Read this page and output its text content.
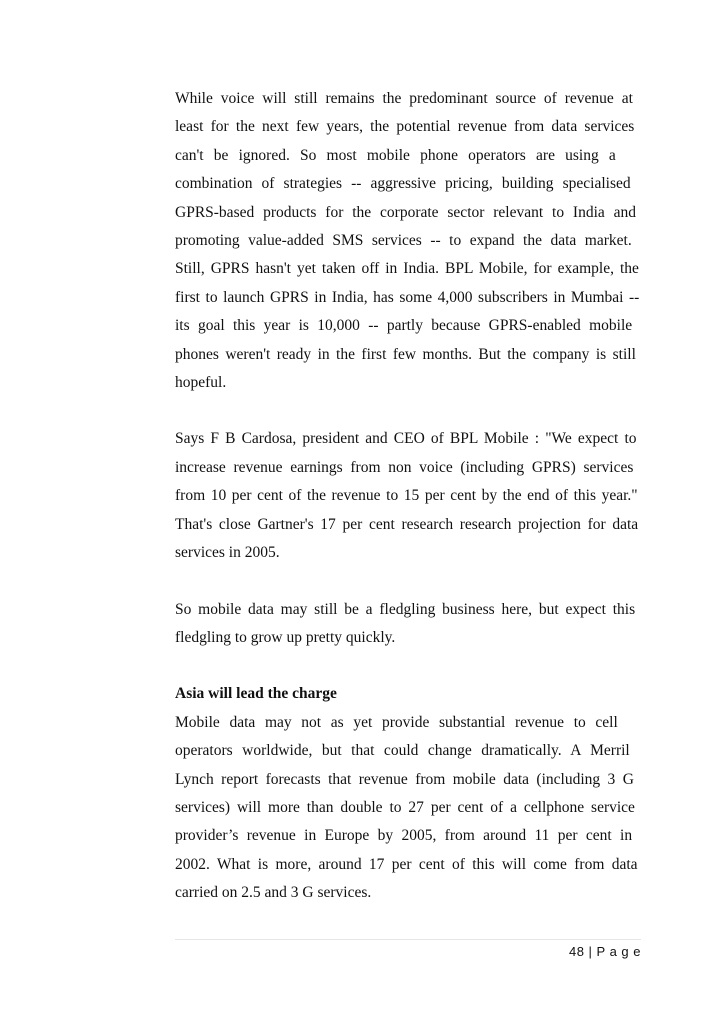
While voice will still remains the predominant source of revenue at
least for the next few years, the potential revenue from data services
can't be ignored. So most mobile phone operators are using a
combination of strategies -- aggressive pricing, building specialised
GPRS-based products for the corporate sector relevant to India and
promoting value-added SMS services -- to expand the data market.
Still, GPRS hasn't yet taken off in India. BPL Mobile, for example, the
first to launch GPRS in India, has some 4,000 subscribers in Mumbai --
its goal this year is 10,000 -- partly because GPRS-enabled mobile
phones weren't ready in the first few months. But the company is still
hopeful.

Says F B Cardosa, president and CEO of BPL Mobile : "We expect to
increase revenue earnings from non voice (including GPRS) services
from 10 per cent of the revenue to 15 per cent by the end of this year."
That's close Gartner's 17 per cent research research projection for data
services in 2005.

So mobile data may still be a fledgling business here, but expect this
fledgling to grow up pretty quickly.

Asia will lead the charge

Mobile data may not as yet provide substantial revenue to cell
operators worldwide, but that could change dramatically. A Merril
Lynch report forecasts that revenue from mobile data (including 3 G
services) will more than double to 27 per cent of a cellphone service
provider’s revenue in Europe by 2005, from around 11 per cent in
2002. What is more, around 17 per cent of this will come from data
carried on 2.5 and 3 G services.

48 | P a g e
